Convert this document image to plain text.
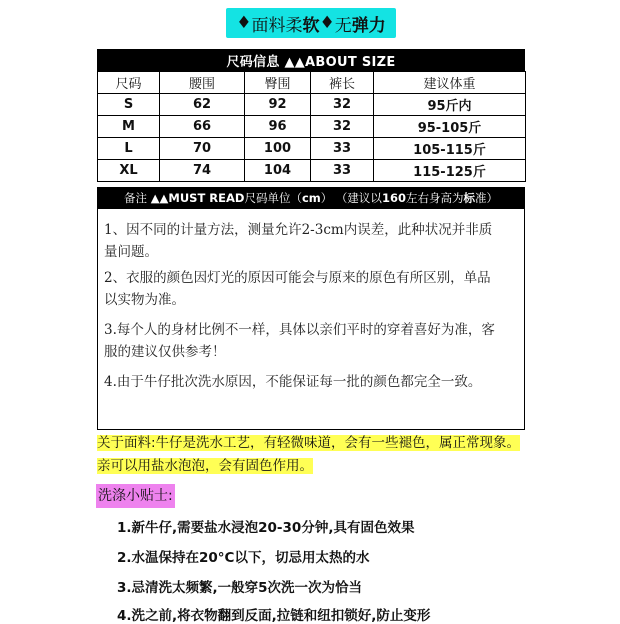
♦ 面料柔 软 ♦ 无 弹力
尺码信息 ▲▲ABOUT SIZE
尺码	腰围	臀围	裤长	建议体重
S	62	92	32	95斤内
M	66	96	32	95-105斤
L	70	100	33	105-115斤
XL	74	104	33	115-125斤
备注 ▲▲ MUST READ 尺码单位（ cm ） （建议以 160 左右身高为 标 准）
1、因不同的计量方法，测量允许2-3cm内误差，此种状况并非质量问题。
2、衣服的颜色因灯光的原因可能会与原来的原色有所区别，单品以实物为准。
3.每个人的身材比例不一样，具体以亲们平时的穿着喜好为准，客服的建议仅供参考！
4.由于牛仔批次洗水原因，不能保证每一批的颜色都完全一致。
关于面料:牛仔是洗水工艺，有轻微味道，会有一些褪色，属正常现象。亲可以用盐水泡泡，会有固色作用。
洗涤小贴士:
1.新牛仔,需要盐水浸泡20-30分钟,具有固色效果
2.水温保持在20°C以下，切忌用太热的水
3.忌清洗太频繁,一般穿5次洗一次为恰当
4.洗之前,将衣物翻到反面,拉链和纽扣锁好,防止变形
